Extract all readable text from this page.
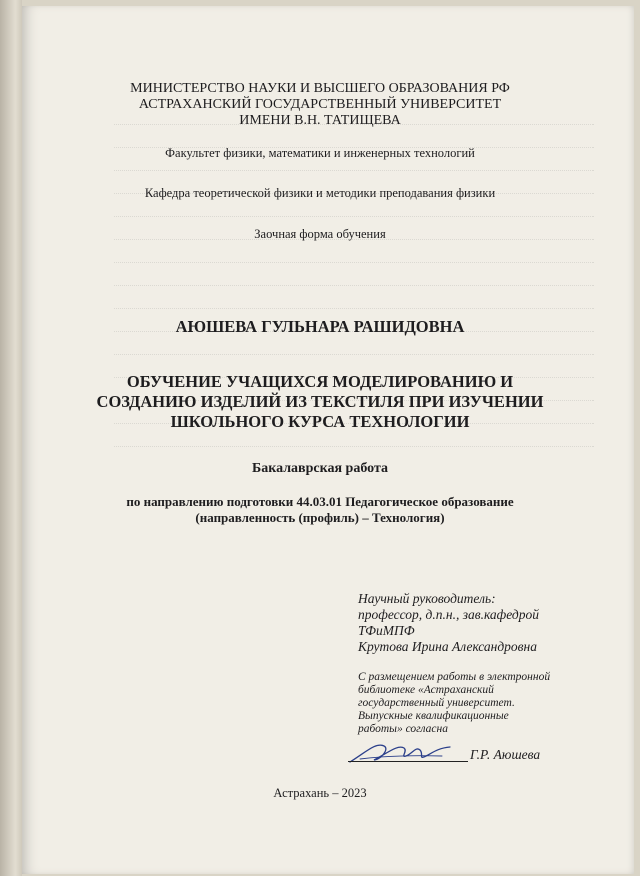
МИНИСТЕРСТВО НАУКИ И ВЫСШЕГО ОБРАЗОВАНИЯ РФ
АСТРАХАНСКИЙ ГОСУДАРСТВЕННЫЙ УНИВЕРСИТЕТ
ИМЕНИ В.Н. ТАТИЩЕВА
Факультет физики, математики и инженерных технологий
Кафедра теоретической физики и методики преподавания физики
Заочная форма обучения
АЮШЕВА ГУЛЬНАРА РАШИДОВНА
ОБУЧЕНИЕ УЧАЩИХСЯ МОДЕЛИРОВАНИЮ И
СОЗДАНИЮ ИЗДЕЛИЙ ИЗ ТЕКСТИЛЯ ПРИ ИЗУЧЕНИИ
ШКОЛЬНОГО КУРСА ТЕХНОЛОГИИ
Бакалаврская работа
по направлению подготовки 44.03.01 Педагогическое образование
(направленность (профиль) – Технология)
Научный руководитель:
профессор, д.п.н., зав.кафедрой
ТФиМПФ
Крутова Ирина Александровна
С размещением работы в электронной
библиотеке «Астраханский
государственный университет.
Выпускные квалификационные
работы» согласна
Г.Р. Аюшева
Астрахань – 2023
